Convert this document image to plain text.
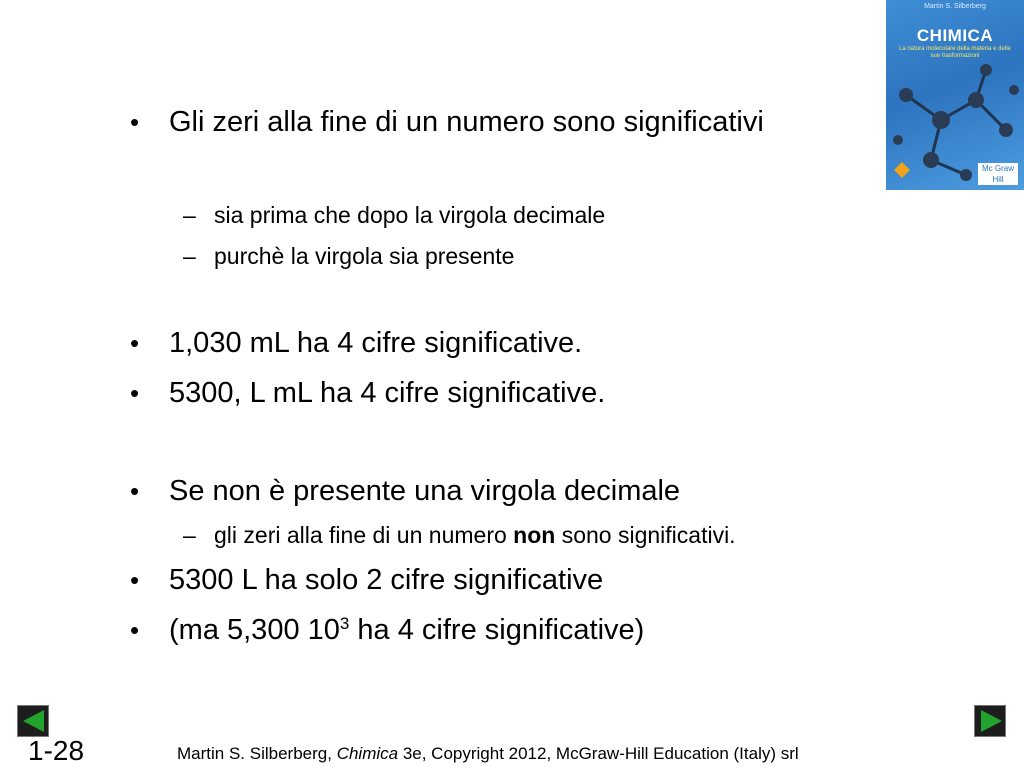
• Gli zeri alla fine di un numero sono significativi
– sia prima che dopo la virgola decimale
– purchè la virgola sia presente
• 1,030 mL ha 4 cifre significative.
• 5300, L mL ha 4 cifre significative.
• Se non è presente una virgola decimale
– gli zeri alla fine di un numero non sono significativi.
• 5300 L ha solo 2 cifre significative
• (ma 5,300 $10^3$ ha 4 cifre significative)
Martin S. Silberberg
CHIMICA
La natura molecolare della materia e delle sue trasformazioni
Mc Graw Hill
1-28	Martin S. Silberberg, Chimica 3e, Copyright 2012, McGraw-Hill Education (Italy) srl
